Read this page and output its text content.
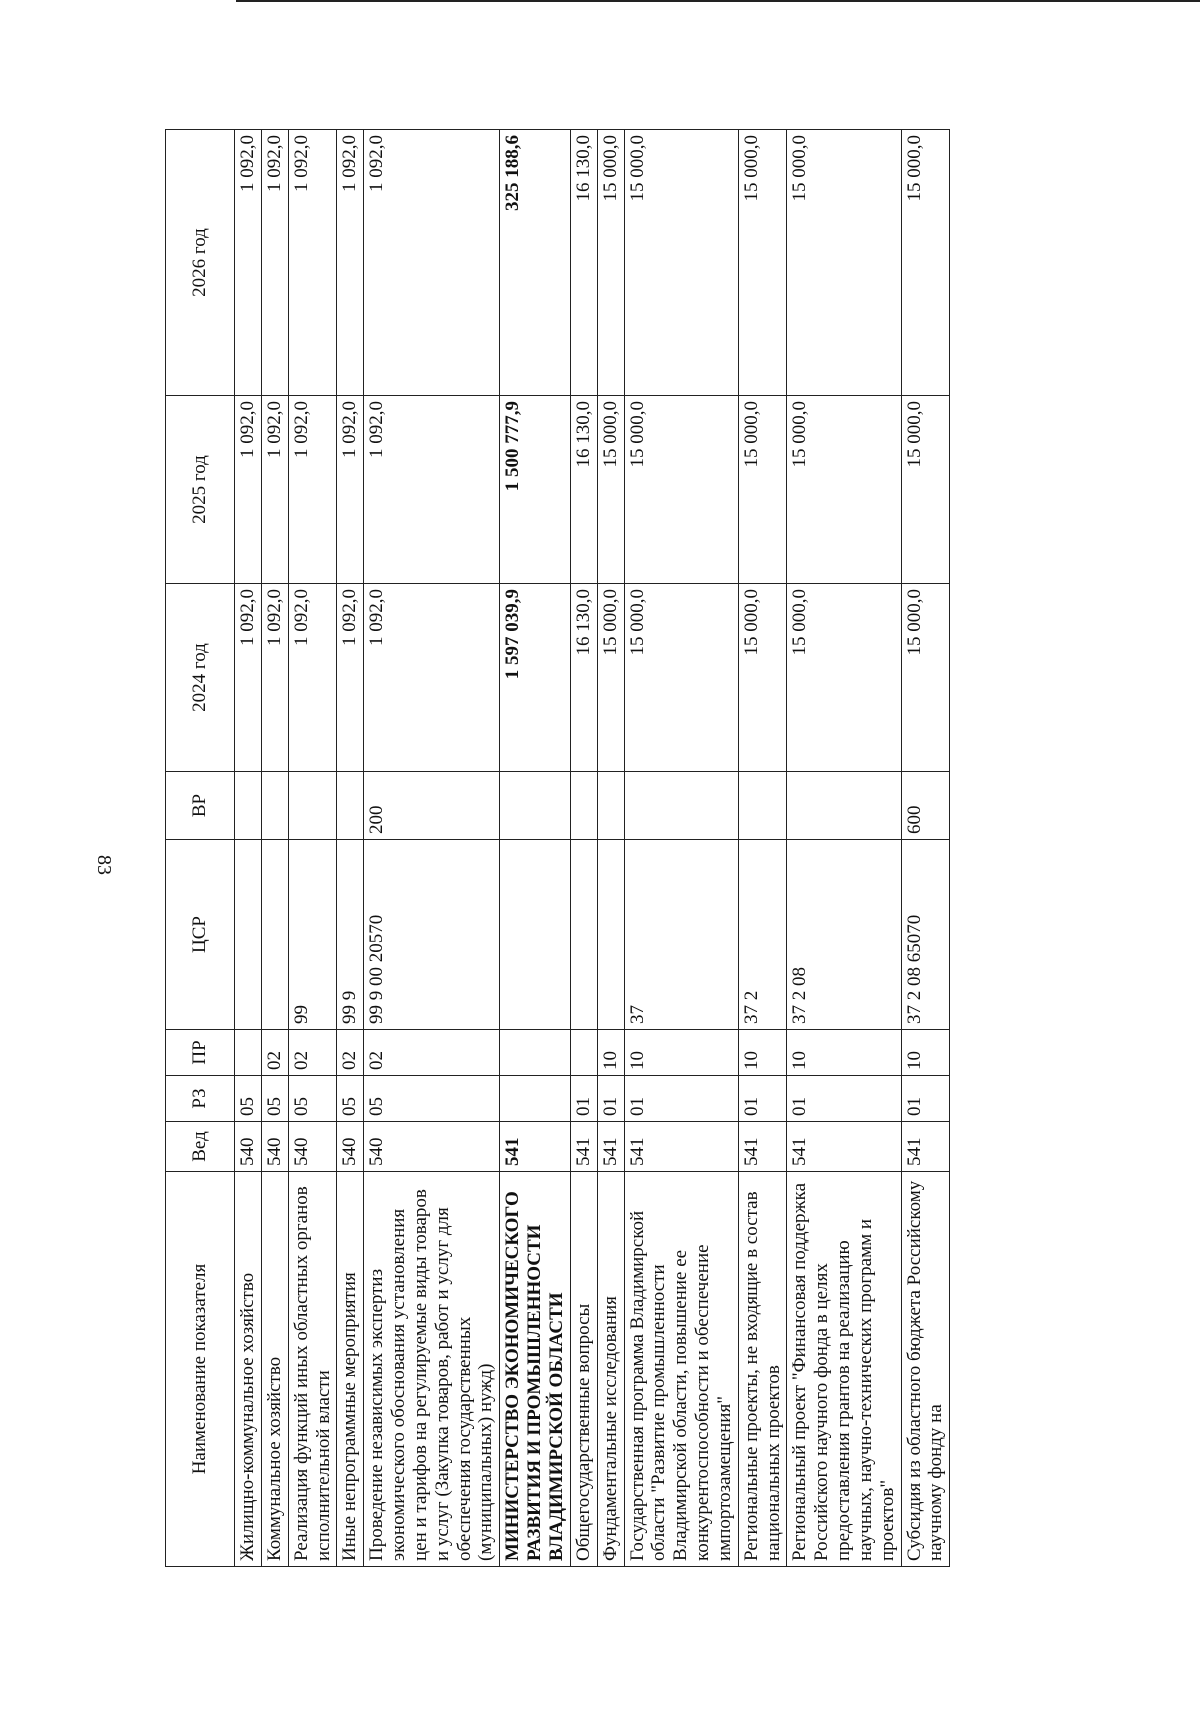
83
Наименование показателя	Вед	РЗ	ПР	ЦСР	ВР	2024 год	2025 год	2026 год
Жилищно-коммунальное хозяйство	540	05				1 092,0	1 092,0	1 092,0
Коммунальное хозяйство	540	05	02			1 092,0	1 092,0	1 092,0
Реализация функций иных областных органов исполнительной власти	540	05	02	99		1 092,0	1 092,0	1 092,0
Иные непрограммные мероприятия	540	05	02	99 9		1 092,0	1 092,0	1 092,0
Проведение независимых экспертиз экономического обоснования установления цен и тарифов на регулируемые виды товаров и услуг (Закупка товаров, работ и услуг для обеспечения государственных (муниципальных) нужд)	540	05	02	99 9 00 20570	200	1 092,0	1 092,0	1 092,0
МИНИСТЕРСТВО ЭКОНОМИЧЕСКОГО РАЗВИТИЯ И ПРОМЫШЛЕННОСТИ ВЛАДИМИРСКОЙ ОБЛАСТИ	541					1 597 039,9	1 500 777,9	325 188,6
Общегосударственные вопросы	541	01				16 130,0	16 130,0	16 130,0
Фундаментальные исследования	541	01	10			15 000,0	15 000,0	15 000,0
Государственная программа Владимирской области "Развитие промышленности Владимирской области, повышение ее конкурентоспособности и обеспечение импортозамещения"	541	01	10	37		15 000,0	15 000,0	15 000,0
Региональные проекты, не входящие в состав национальных проектов	541	01	10	37 2		15 000,0	15 000,0	15 000,0
Региональный проект "Финансовая поддержка Российского научного фонда в целях предоставления грантов на реализацию научных, научно-технических программ и проектов"	541	01	10	37 2 08		15 000,0	15 000,0	15 000,0
Субсидия из областного бюджета Российскому научному фонду на	541	01	10	37 2 08 65070	600	15 000,0	15 000,0	15 000,0
